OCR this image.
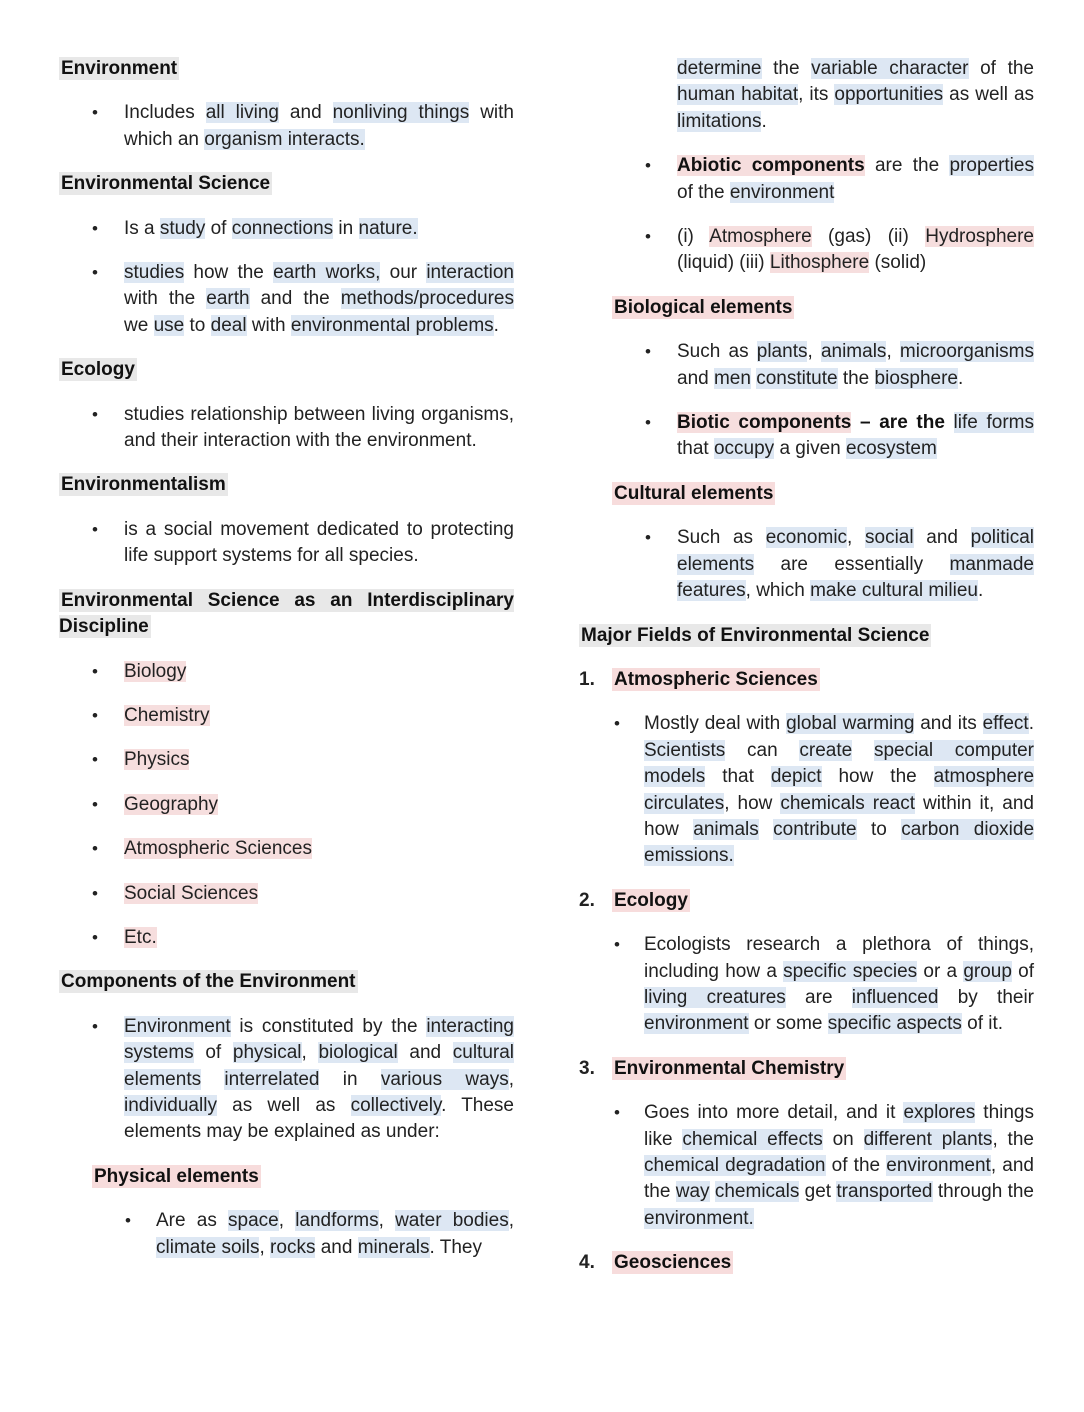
Environment
• Includes all living and nonliving things with which an organism interacts.
Environmental Science
• Is a study of connections in nature.
• studies how the earth works, our interaction with the earth and the methods/procedures we use to deal with environmental problems.
Ecology
• studies relationship between living organisms, and their interaction with the environment.
Environmentalism
• is a social movement dedicated to protecting life support systems for all species.
Environmental Science as an Interdisciplinary Discipline
• Biology
• Chemistry
• Physics
• Geography
• Atmospheric Sciences
• Social Sciences
• Etc.
Components of the Environment
• Environment is constituted by the interacting systems of physical, biological and cultural elements interrelated in various ways, individually as well as collectively. These elements may be explained as under:
Physical elements
• Are as space, landforms, water bodies, climate soils, rocks and minerals. They
determine the variable character of the human habitat, its opportunities as well as limitations.
• Abiotic components are the properties of the environment
• (i) Atmosphere (gas) (ii) Hydrosphere (liquid) (iii) Lithosphere (solid)
Biological elements
• Such as plants, animals, microorganisms and men constitute the biosphere.
• Biotic components – are the life forms that occupy a given ecosystem
Cultural elements
• Such as economic, social and political elements are essentially manmade features, which make cultural milieu.
Major Fields of Environmental Science
1.	Atmospheric Sciences
• Mostly deal with global warming and its effect. Scientists can create special computer models that depict how the atmosphere circulates, how chemicals react within it, and how animals contribute to carbon dioxide emissions.
2.	Ecology
• Ecologists research a plethora of things, including how a specific species or a group of living creatures are influenced by their environment or some specific aspects of it.
3.	Environmental Chemistry
• Goes into more detail, and it explores things like chemical effects on different plants, the chemical degradation of the environment, and the way chemicals get transported through the environment.
4.	Geosciences
